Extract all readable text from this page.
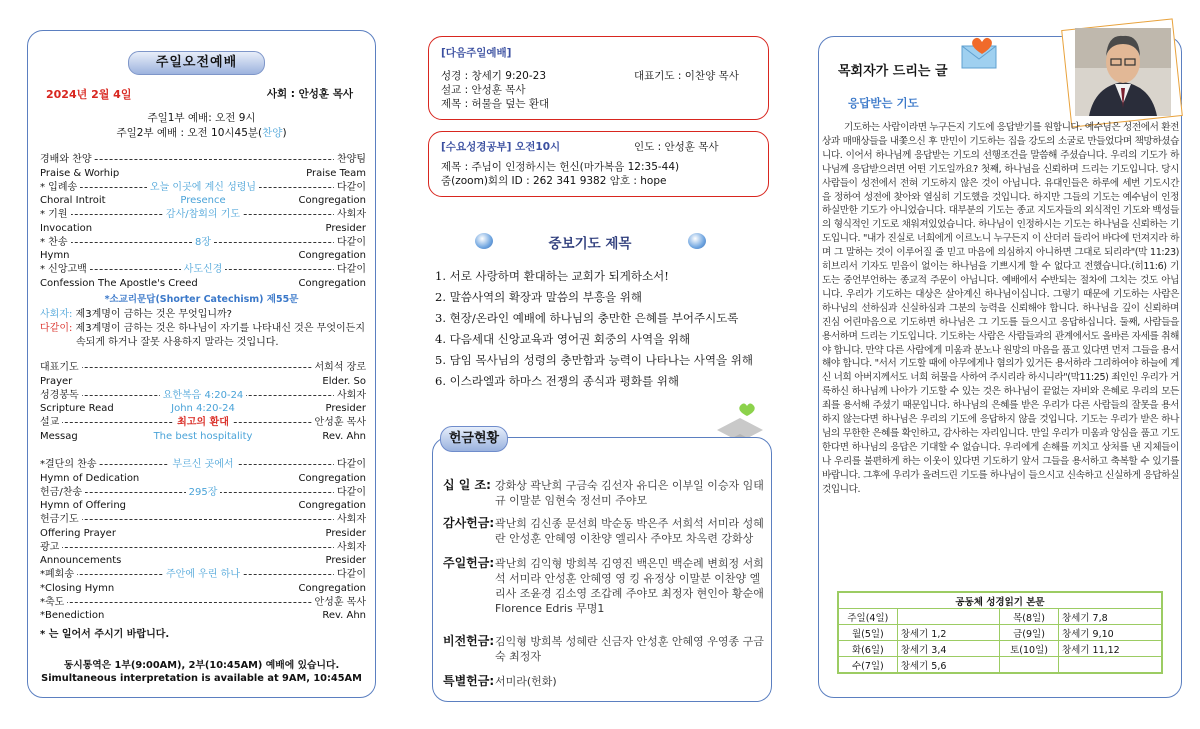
주일오전예배
2024년 2월 4일	사회 : 안성훈 목사
주일1부 예배: 오전 9시
주일2부 예배 : 오전 10시45분(찬양)
경배와 찬양	찬양팀
Praise & Worhip	Praise Team
* 입례송	오늘 이곳에 계신 성령님	다같이
Choral Introit	Presence	Congregation
* 기원	감사/참회의 기도	사회자
Invocation	Presider
* 찬송	8장	다같이
Hymn	Congregation
* 신앙고백	사도신경	다같이
Confession The Apostle's Creed	Congregation
*소교리문답(Shorter Catechism) 제55문
사회자: 제3계명이 금하는 것은 무엇입니까?
다같이: 제3계명이 금하는 것은 하나님이 자기를 나타내신 것은 무엇이든지
속되게 하거나 잘못 사용하지 말라는 것입니다.
대표기도	서희석 장로
Prayer	Elder. So
성경봉독	요한복음 4:20-24	사회자
Scripture Read	John 4:20-24	Presider
설교	최고의 환대	안성훈 목사
Messag	The best hospitality	Rev. Ahn
*결단의 찬송	부르신 곳에서	다같이
Hymn of Dedication	Congregation
헌금/찬송	295장	다같이
Hymn of Offering	Congregation
헌금기도	사회자
Offering Prayer	Presider
광고	사회자
Announcements	Presider
*폐회송	주안에 우린 하나	다같이
*Closing Hymn	Congregation
*축도	안성훈 목사
*Benediction	Rev. Ahn
* 는 일어서 주시기 바랍니다.
동시통역은 1부(9:00AM), 2부(10:45AM) 예배에 있습니다.
Simultaneous interpretation is available at 9AM, 10:45AM
[다음주일예배]
성경 : 창세기 9:20-23	대표기도 : 이찬양 목사
설교 : 안성훈 목사
제목 : 허물을 덮는 환대
[수요성경공부] 오전10시	인도 : 안성훈 목사
제목 : 주님이 인정하시는 헌신(마가복음 12:35-44)
줌(zoom)회의 ID : 262 341 9382 암호 : hope
중보기도 제목
1. 서로 사랑하며 환대하는 교회가 되게하소서!
2. 말씀사역의 확장과 말씀의 부흥을 위해
3. 현장/온라인 예배에 하나님의 충만한 은혜를 부어주시도록
4. 다음세대 신앙교육과 영어권 회중의 사역을 위해
5. 담임 목사님의 성령의 충만함과 능력이 나타나는 사역을 위해
6. 이스라엘과 하마스 전쟁의 종식과 평화를 위해
헌금현황
십 일 조: 강화상 곽난희 구금숙 김선자 유디은 이부일 이승자 임태규 이말분 임현숙 정선미 주야모
감사헌금: 곽난희 김신종 문선희 박순동 박은주 서희석 서미라 성혜란 안성훈 안혜영 이찬양 엘리사 주야모 차옥련 강화상
주일헌금: 곽난희 김익형 방희복 김영진 백은민 백순례 변희정 서희석 서미라 안성훈 안혜영 영 킹 유정상 이말분 이찬양 엘리사 조윤경 김소영 조갑례 주야모 최정자 현인아 황순애 Florence Edris 무명1
비전헌금: 김익형 방희복 성혜란 신금자 안성훈 안혜영 우영종 구금숙 최정자
특별헌금: 서미라(헌화)
목회자가 드리는 글
응답받는 기도
기도하는 사람이라면 누구든지 기도에 응답받기를 원합니다. 예수님은 성전에서 환전상과 매매상들을 내쫓으신 후 만민이 기도하는 집을 강도의 소굴로 만들었다며 책망하셨습니다. 이어서 하나님께 응답받는 기도의 선행조건을 말씀해 주셨습니다. 우리의 기도가 하나님께 응답받으려면 어떤 기도일까요? 첫째, 하나님을 신뢰하며 드리는 기도입니다. 당시 사람들이 성전에서 전혀 기도하지 않은 것이 아닙니다. 유대인들은 하루에 세번 기도시간을 정하여 성전에 찾아와 열심히 기도했을 것입니다. 하지만 그들의 기도는 예수님이 인정하실만한 기도가 아니었습니다. 대부분의 기도는 종교 지도자들의 외식적인 기도와 백성들의 형식적인 기도로 채워져있었습니다. 하나님이 인정하시는 기도는 하나님을 신뢰하는 기도입니다. "내가 진실로 너희에게 이르노니 누구든지 이 산더러 들리어 바다에 던져지라 하며 그 말하는 것이 이루어질 줄 믿고 마음에 의심하지 아니하면 그대로 되리라"(막 11:23) 히브리서 기자도 믿음이 없이는 하나님을 기쁘시게 할 수 없다고 전했습니다.(히11:6) 기도는 중언부언하는 종교적 주문이 아닙니다. 예배에서 수반되는 절차에 그치는 것도 아닙니다. 우리가 기도하는 대상은 살아계신 하나님이십니다. 그렇기 때문에 기도하는 사람은 하나님의 선하심과 신실하심과 그분의 능력을 신뢰해야 합니다. 하나님을 깊이 신뢰하며 진심 어린마음으로 기도하면 하나님은 그 기도를 들으시고 응답하십니다. 둘째, 사람들을 용서하며 드리는 기도입니다. 기도하는 사람은 사람들과의 관계에서도 올바른 자세를 취해야 합니다. 만약 다른 사람에게 미움과 분노나 원망의 마음을 품고 있다면 먼저 그들을 용서해야 합니다. "서서 기도할 때에 아무에게나 혐의가 있거든 용서하라 그리하여야 하늘에 계신 너희 아버지께서도 너희 허물을 사하여 주시리라 하시니라"(막11:25) 죄인인 우리가 거룩하신 하나님께 나아가 기도할 수 있는 것은 하나님이 끝없는 자비와 은혜로 우리의 모든 죄를 용서해 주셨기 때문입니다. 하나님의 은혜를 받은 우리가 다른 사람들의 잘못을 용서하지 않는다면 하나님은 우리의 기도에 응답하지 않을 것입니다. 기도는 우리가 받은 하나님의 무한한 은혜를 확인하고, 감사하는 자리입니다. 만일 우리가 미움과 앙심을 품고 기도한다면 하나님의 응답은 기대할 수 없습니다. 우리에게 손해를 끼치고 상처를 낸 지체들이나 우리를 불편하게 하는 이웃이 있다면 기도하기 앞서 그들을 용서하고 축복할 수 있기를 바랍니다. 그후에 우리가 올려드린 기도를 하나님이 들으시고 신속하고 신실하게 응답하실 것입니다.
공동체 성경읽기 본문			
주일(4일)		목(8일)	창세기 7,8
월(5일)	창세기 1,2	금(9일)	창세기 9,10
화(6일)	창세기 3,4	토(10일)	창세기 11,12
수(7일)	창세기 5,6		
